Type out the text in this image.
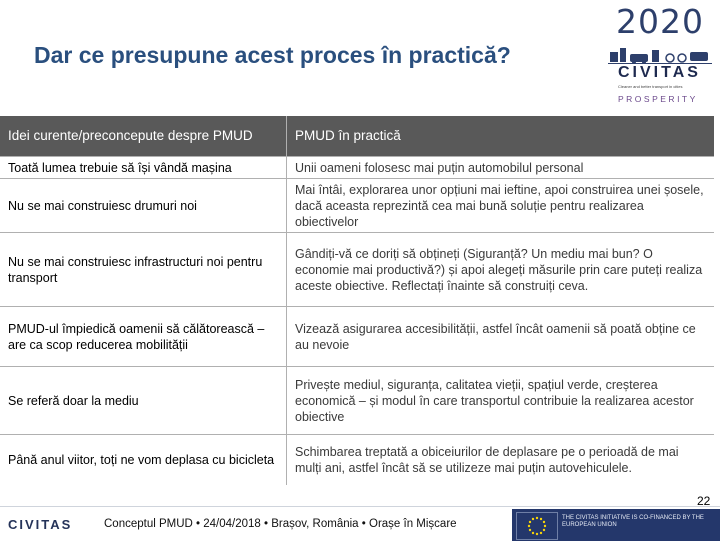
Dar ce presupune acest proces în practică?
2020
CIVITAS
Cleaner and better transport in cities
PROSPERITY
Idei curente/preconcepute despre PMUD	PMUD în practică
Toată lumea trebuie să își vândă mașina	Unii oameni folosesc mai puțin automobilul personal
Nu se mai construiesc drumuri noi	Mai întâi, explorarea unor opțiuni mai ieftine, apoi construirea unei șosele, dacă aceasta reprezintă cea mai bună soluție pentru realizarea obiectivelor
Nu se mai construiesc infrastructuri noi pentru transport	Gândiți-vă ce doriți să obțineți (Siguranță? Un mediu mai bun? O economie mai productivă?) și apoi alegeți măsurile prin care puteți realiza aceste obiective. Reflectați înainte să construiți ceva.
PMUD-ul împiedică oamenii să călătorească – are ca scop reducerea mobilității	Vizează asigurarea accesibilității, astfel încât oamenii să poată obține ce au nevoie
Se referă doar la mediu	Privește mediul, siguranța, calitatea vieții, spațiul verde, creșterea economică – și modul în care transportul contribuie la realizarea acestor obiective
Până anul viitor, toți ne vom deplasa cu bicicleta	Schimbarea treptată a obiceiurilor de deplasare pe o perioadă de mai mulți ani, astfel încât să se utilizeze mai puțin autovehiculele.
22
CIVITAS	Conceptul PMUD • 24/04/2018 • Brașov, România • Orașe în Mișcare	THE CIVITAS INITIATIVE IS CO-FINANCED BY THE EUROPEAN UNION
